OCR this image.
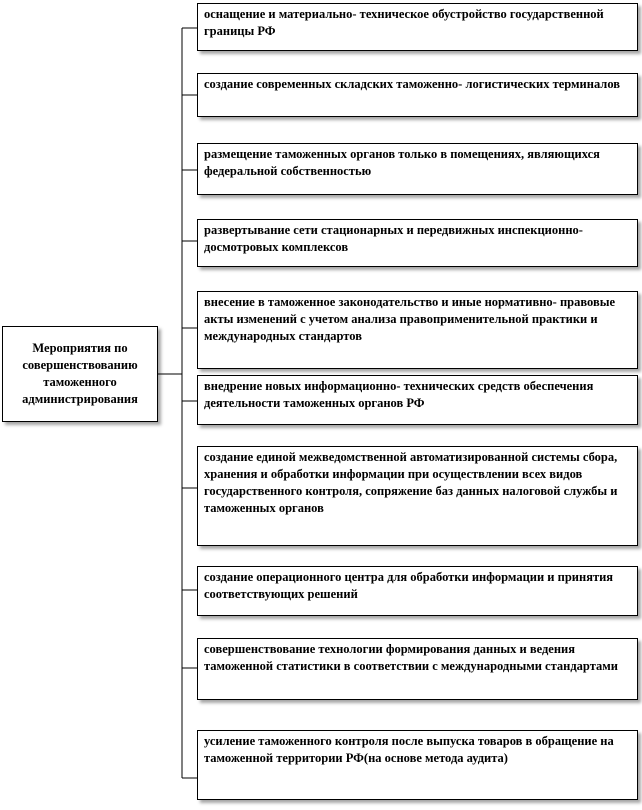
Мероприятия по совершенствованию таможенного администрирования
оснащение и материально- техническое обустройство государственной границы РФ
создание современных складских таможенно- логистических терминалов
размещение таможенных органов только в помещениях, являющихся федеральной собственностью
развертывание сети стационарных и передвижных инспекционно-досмотровых комплексов
внесение в таможенное законодательство и иные нормативно- правовые акты изменений с учетом анализа правоприменительной практики и международных стандартов
внедрение новых информационно- технических средств обеспечения деятельности таможенных органов РФ
создание единой межведомственной автоматизированной системы сбора, хранения и обработки информации при осуществлении всех видов государственного контроля, сопряжение баз данных налоговой службы и таможенных органов
создание операционного центра для обработки информации и принятия соответствующих решений
совершенствование технологии формирования данных и ведения таможенной статистики в соответствии с международными стандартами
усиление таможенного контроля после выпуска товаров в обращение на таможенной территории РФ(на основе метода аудита)
